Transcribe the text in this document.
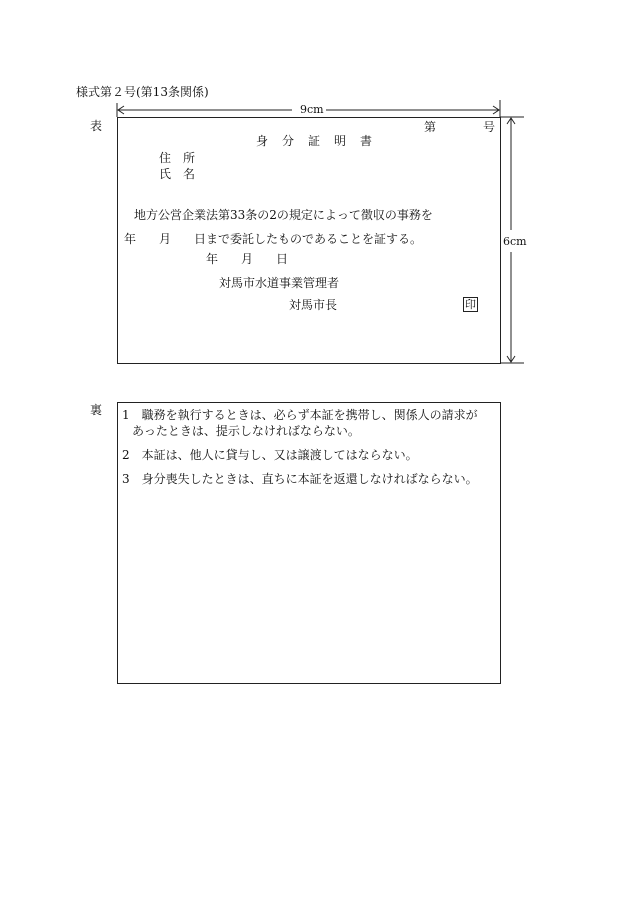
様式第２号(第13条関係)
9cm
6cm
表	第	号
身　分　証　明　書
住　所
氏　名
地方公営企業法第33条の2の規定によって徴収の事務を
年 月 日まで委託したものであることを証する。
年 月 日
対馬市水道事業管理者
対馬市長	印
裏 1　 職務を執行するときは、必らず本証を携帯し、関係人の請求が
あったときは、提示しなければならない。

2　 本証は、他人に貸与し、又は譲渡してはならない。

3　 身分喪失したときは、直ちに本証を返還しなければならない。
